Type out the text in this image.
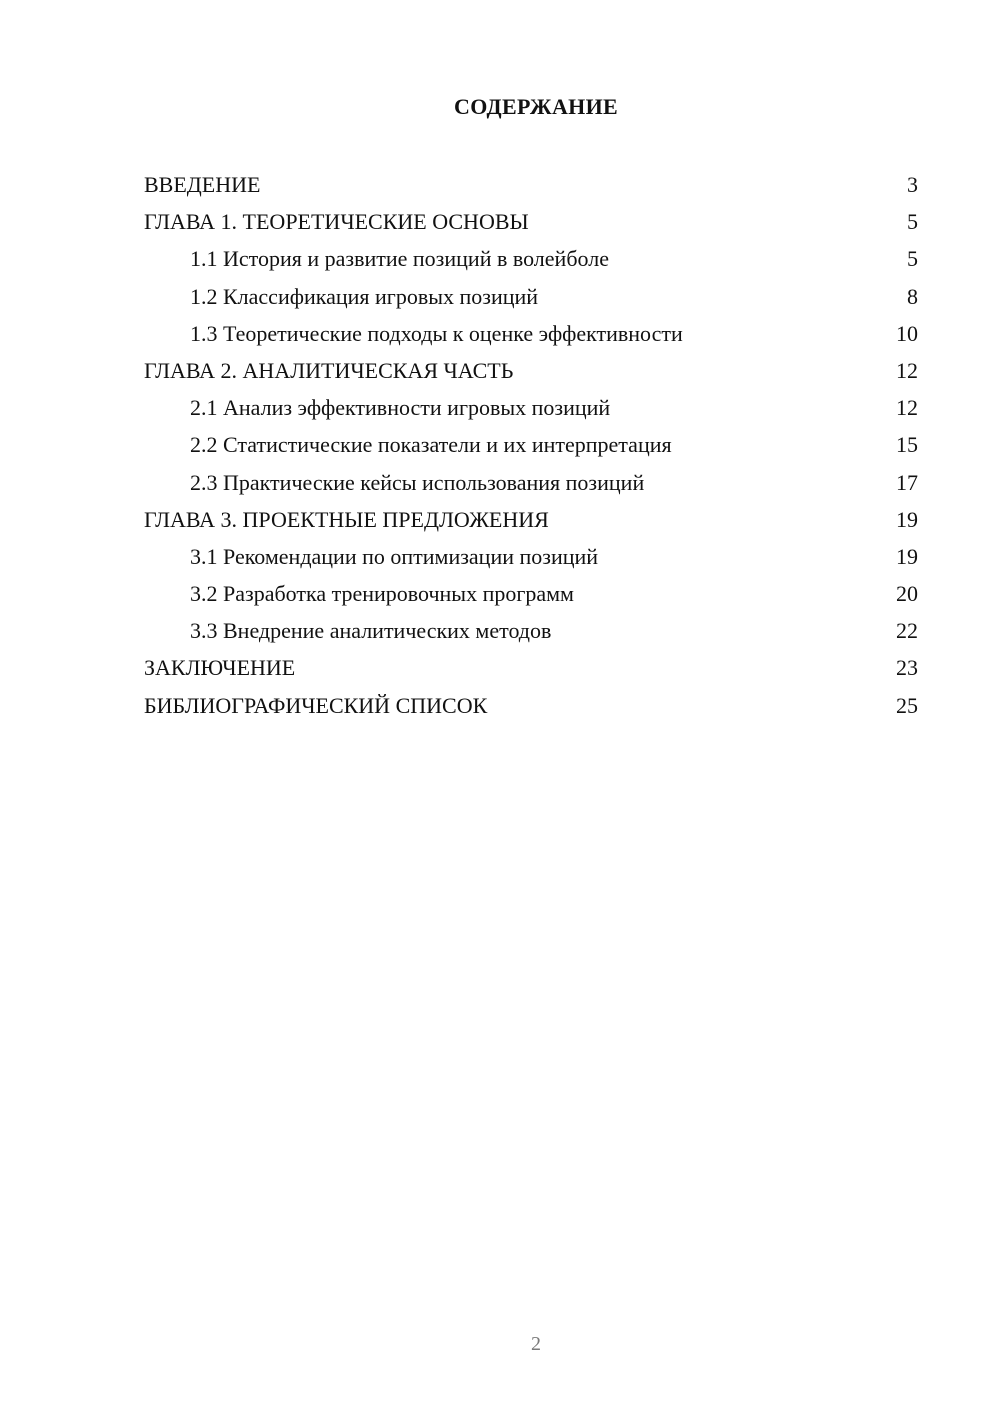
СОДЕРЖАНИЕ
ВВЕДЕНИЕ	3
ГЛАВА 1. ТЕОРЕТИЧЕСКИЕ ОСНОВЫ	5
1.1 История и развитие позиций в волейболе	5
1.2 Классификация игровых позиций	8
1.3 Теоретические подходы к оценке эффективности	10
ГЛАВА 2. АНАЛИТИЧЕСКАЯ ЧАСТЬ	12
2.1 Анализ эффективности игровых позиций	12
2.2 Статистические показатели и их интерпретация	15
2.3 Практические кейсы использования позиций	17
ГЛАВА 3. ПРОЕКТНЫЕ ПРЕДЛОЖЕНИЯ	19
3.1 Рекомендации по оптимизации позиций	19
3.2 Разработка тренировочных программ	20
3.3 Внедрение аналитических методов	22
ЗАКЛЮЧЕНИЕ	23
БИБЛИОГРАФИЧЕСКИЙ СПИСОК	25
2
